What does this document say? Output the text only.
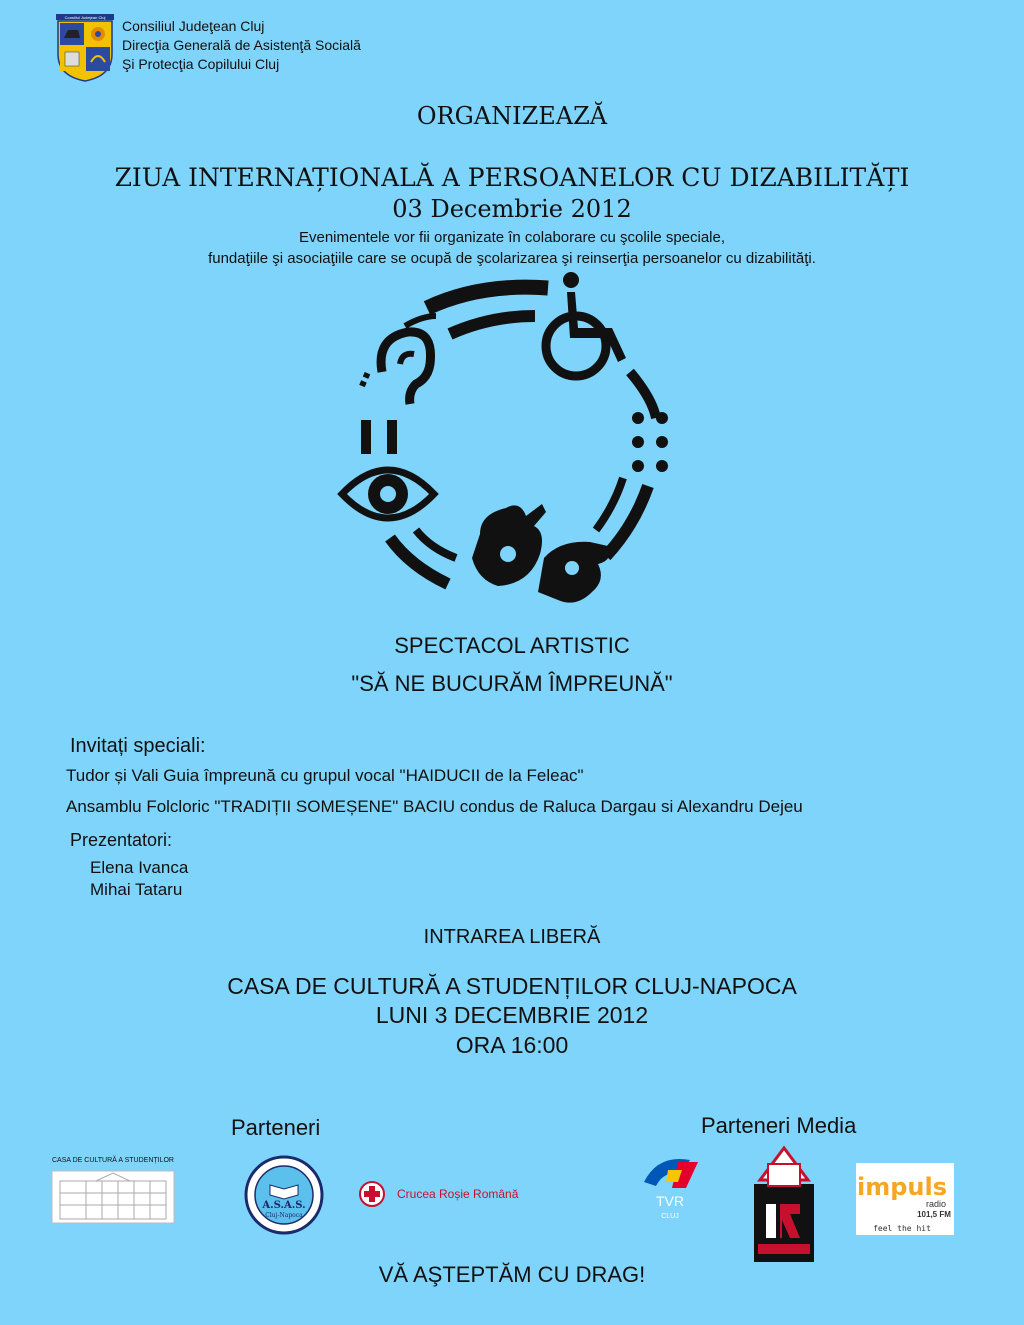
Consiliul Judeţean Cluj
Consiliul Judeţean Cluj
Direcţia Generală de Asistenţă Socială
Şi Protecţia Copilului Cluj
ORGANIZEAZĂ
ZIUA INTERNAȚIONALĂ A PERSOANELOR CU DIZABILITĂȚI
03 Decembrie 2012
Evenimentele vor fii organizate în colaborare cu şcolile speciale,
fundaţiile şi asociaţiile care se ocupă de şcolarizarea şi reinserţia persoanelor cu dizabilităţi.
SPECTACOL ARTISTIC
"SĂ NE BUCURĂM ÎMPREUNĂ"
Invitați speciali:
Tudor și Vali Guia împreună cu grupul vocal "HAIDUCII de la Feleac"
Ansamblu Folcloric "TRADIȚII SOMEȘENE" BACIU condus de Raluca Dargau si Alexandru Dejeu
Prezentatori:
Elena Ivanca
Mihai Tataru
INTRAREA LIBERĂ
CASA DE CULTURĂ A STUDENȚILOR CLUJ-NAPOCA
LUNI 3 DECEMBRIE 2012
ORA 16:00
Parteneri	Parteneri Media
CASA DE CULTURĂ A STUDENȚILOR
A.S.A.S.
Cluj-Napoca
Crucea Roșie Română	TVR
CLUJ
impuls
radio
101,5 FM
feel the hit
VĂ AŞTEPTĂM CU DRAG!
